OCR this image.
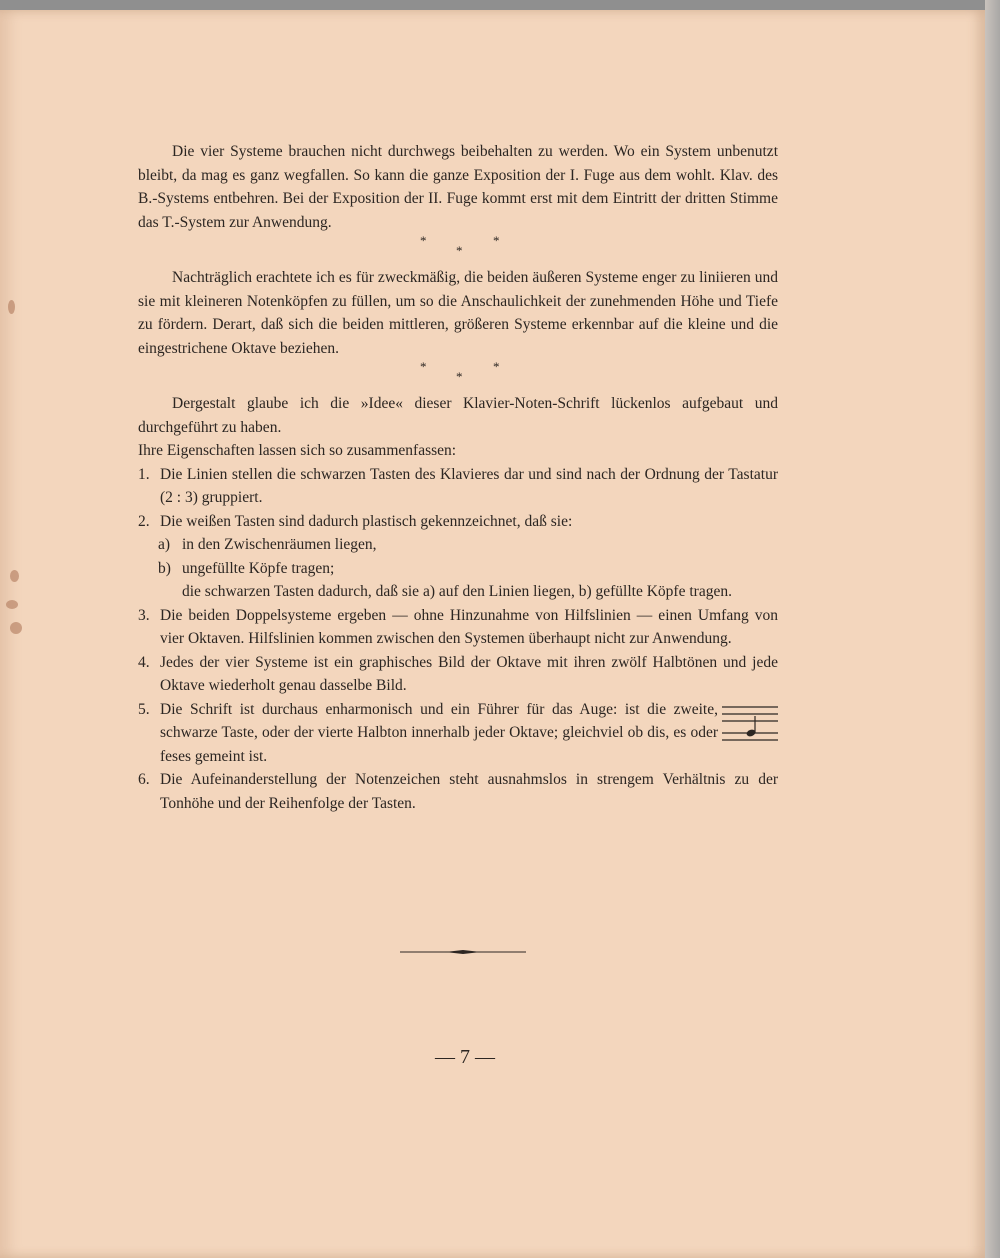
Die vier Systeme brauchen nicht durchwegs beibehalten zu werden. Wo ein System unbenutzt bleibt, da mag es ganz wegfallen. So kann die ganze Exposition der I. Fuge aus dem wohlt. Klav. des B.-Systems entbehren. Bei der Exposition der II. Fuge kommt erst mit dem Eintritt der dritten Stimme das T.-System zur Anwendung.

*
*
*

Nachträglich erachtete ich es für zweckmäßig, die beiden äußeren Systeme enger zu liniieren und sie mit kleineren Notenköpfen zu füllen, um so die Anschaulichkeit der zunehmenden Höhe und Tiefe zu fördern. Derart, daß sich die beiden mittleren, größeren Systeme erkennbar auf die kleine und die eingestrichene Oktave beziehen.

*
*
*

Dergestalt glaube ich die »Idee« dieser Klavier-Noten-Schrift lückenlos aufgebaut und durchgeführt zu haben.

Ihre Eigenschaften lassen sich so zusammenfassen:

1. Die Linien stellen die schwarzen Tasten des Klavieres dar und sind nach der Ordnung der Tastatur (2 : 3) gruppiert.

2. Die weißen Tasten sind dadurch plastisch gekennzeichnet, daß sie:

a) in den Zwischenräumen liegen,
b) ungefüllte Köpfe tragen;

die schwarzen Tasten dadurch, daß sie a) auf den Linien liegen, b) gefüllte Köpfe tragen.

3. Die beiden Doppelsysteme ergeben — ohne Hinzunahme von Hilfslinien — einen Umfang von vier Oktaven. Hilfslinien kommen zwischen den Systemen überhaupt nicht zur Anwendung.

4. Jedes der vier Systeme ist ein graphisches Bild der Oktave mit ihren zwölf Halbtönen und jede Oktave wiederholt genau dasselbe Bild.

5. Die Schrift ist durchaus enharmonisch und ein Führer für das Auge: ist die zweite, schwarze Taste, oder der vierte Halbton innerhalb jeder Oktave; gleichviel ob dis, es oder feses gemeint ist.

6. Die Aufeinanderstellung der Notenzeichen steht ausnahmslos in strengem Verhältnis zu der Tonhöhe und der Reihenfolge der Tasten.

— 7 —
